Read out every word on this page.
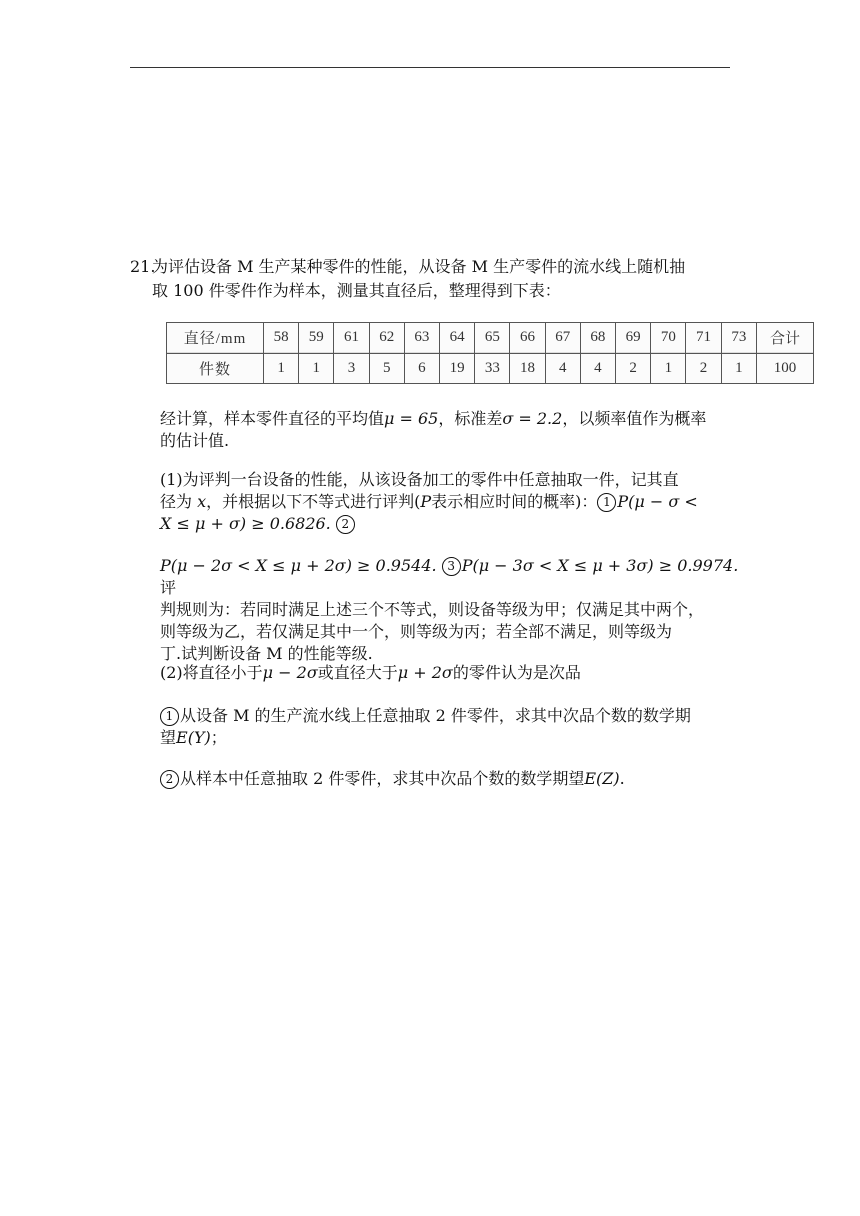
21.
为评估设备 M 生产某种零件的性能，从设备 M 生产零件的流水线上随机抽
取 100 件零件作为样本，测量其直径后，整理得到下表：
直径/mm	58	59	61	62	63	64	65	66	67	68	69	70	71	73	合计
件数	1	1	3	5	6	19	33	18	4	4	2	1	2	1	100
经计算，样本零件直径的平均值μ = 65，标准差σ = 2.2，以频率值作为概率
的估计值.
(1)为评判一台设备的性能，从该设备加工的零件中任意抽取一件，记其直
径为 x，并根据以下不等式进行评判(P表示相应时间的概率)： 1 P(μ − σ <
X ≤ μ + σ) ≥ 0.6826. 2
P(μ − 2σ < X ≤ μ + 2σ) ≥ 0.9544. 3 P(μ − 3σ < X ≤ μ + 3σ) ≥ 0.9974.评
判规则为：若同时满足上述三个不等式，则设备等级为甲；仅满足其中两个，
则等级为乙，若仅满足其中一个，则等级为丙；若全部不满足，则等级为
丁.试判断设备 M 的性能等级.
(2)将直径小于μ − 2σ或直径大于μ + 2σ的零件认为是次品
1 从设备 M 的生产流水线上任意抽取 2 件零件，求其中次品个数的数学期
望E(Y)；
2 从样本中任意抽取 2 件零件，求其中次品个数的数学期望E(Z).
